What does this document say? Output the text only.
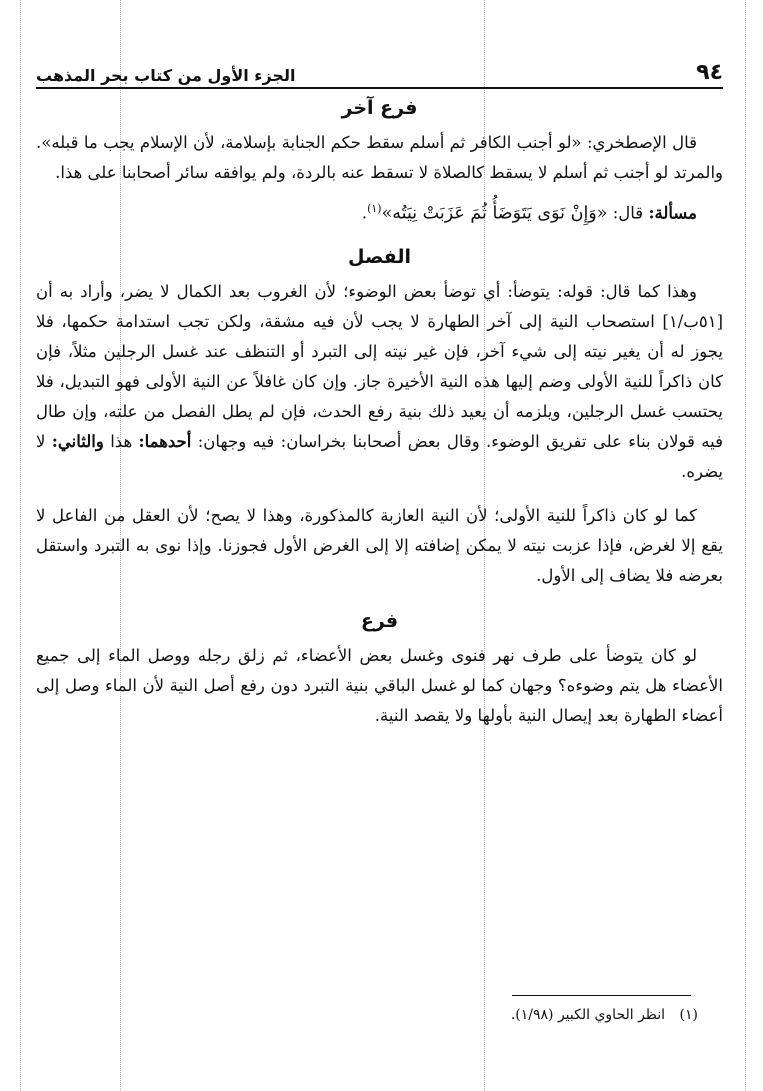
٩٤
الجزء الأول من كتاب بحر المذهب
فرع آخر

قال الإصطخري: «لو أجنب الكافر ثم أسلم سقط حكم الجنابة بإسلامة، لأن الإسلام يجب ما قبله». والمرتد لو أجنب ثم أسلم لا يسقط كالصلاة لا تسقط عنه بالردة، ولم يوافقه سائر أصحابنا على هذا.

مسألة: قال: «وَإِنْ نَوَى يَتَوَضَأُ ثُمَ عَزَبَتْ نِيَتُه»$^{(١)}$.

الفصل

وهذا كما قال: قوله: يتوضأ: أي توضأ بعض الوضوء؛ لأن الغروب بعد الكمال لا يضر، وأراد به أن [٥١ب/١] استصحاب النية إلى آخر الطهارة لا يجب لأن فيه مشقة، ولكن تجب استدامة حكمها، فلا يجوز له أن يغير نيته إلى شيء آخر، فإن غير نيته إلى التبرد أو التنظف عند غسل الرجلين مثلاً، فإن كان ذاكراً للنية الأولى وضم إليها هذه النية الأخيرة جاز. وإن كان غافلاً عن النية الأولى فهو التبديل، فلا يحتسب غسل الرجلين، ويلزمه أن يعيد ذلك بنية رفع الحدث، فإن لم يطل الفصل من علته، وإن طال فيه قولان بناء على تفريق الوضوء. وقال بعض أصحابنا بخراسان: فيه وجهان: أحدهما: هذا والثاني: لا يضره.

كما لو كان ذاكراً للنية الأولى؛ لأن النية العازبة كالمذكورة، وهذا لا يصح؛ لأن العقل من الفاعل لا يقع إلا لغرض، فإذا عزبت نيته لا يمكن إضافته إلا إلى الغرض الأول فجوزنا. وإذا نوى به التبرد واستقل بعرضه فلا يضاف إلى الأول.

فرع

لو كان يتوضأ على طرف نهر فنوى وغسل بعض الأعضاء، ثم زلق رجله ووصل الماء إلى جميع الأعضاء هل يتم وضوءه؟ وجهان كما لو غسل الباقي بنية التبرد دون رفع أصل النية لأن الماء وصل إلى أعضاء الطهارة بعد إيصال النية بأولها ولا يقصد النية.

(١) انظر الحاوي الكبير (١/٩٨).
